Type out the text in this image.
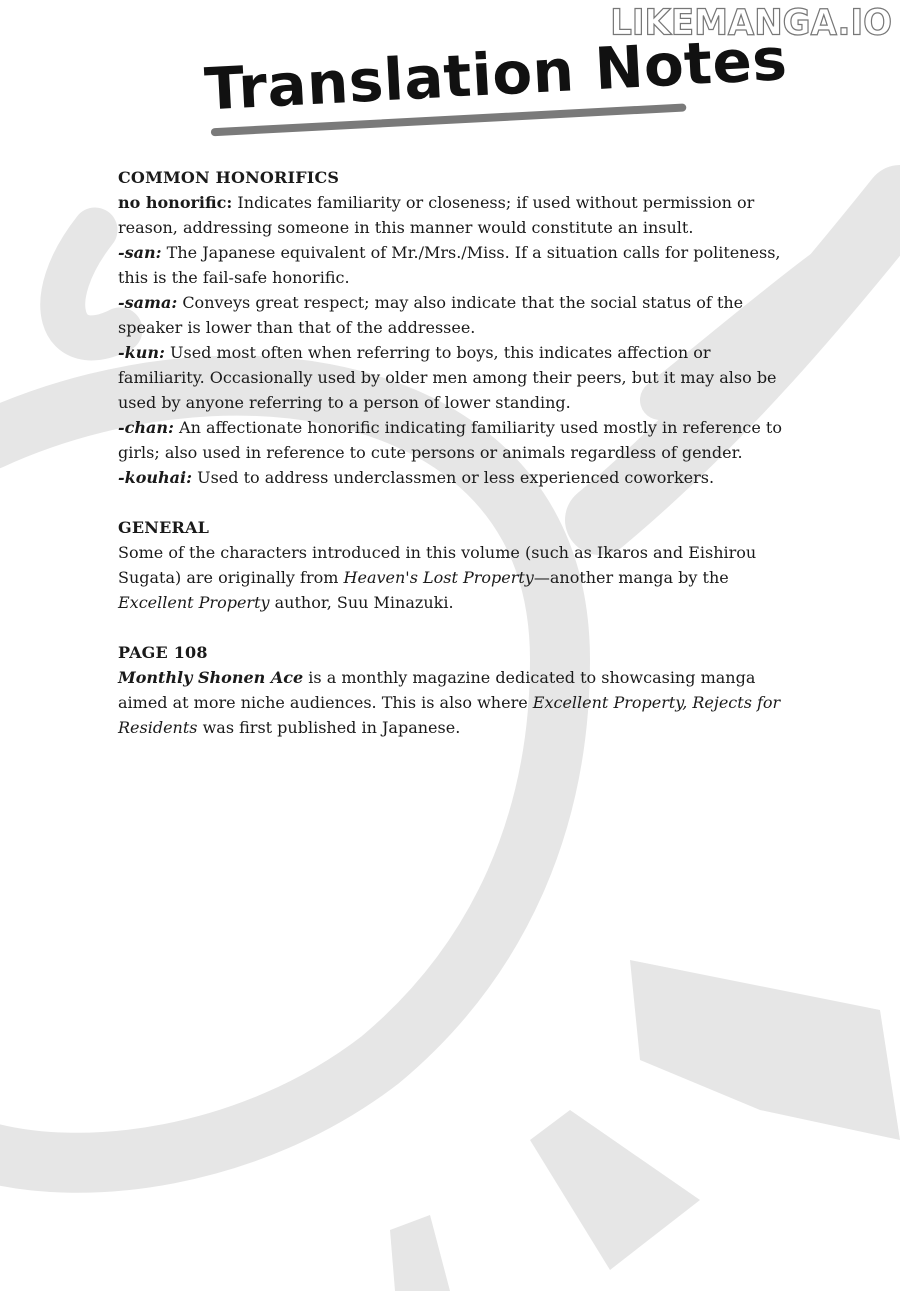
LIKEMANGA.IO
Translation Notes
COMMON HONORIFICS

no honorific: Indicates familiarity or closeness; if used without permission or reason, addressing someone in this manner would constitute an insult.

-san: The Japanese equivalent of Mr./Mrs./Miss. If a situation calls for politeness, this is the fail-safe honorific.

-sama: Conveys great respect; may also indicate that the social status of the speaker is lower than that of the addressee.

-kun: Used most often when referring to boys, this indicates affection or familiarity. Occasionally used by older men among their peers, but it may also be used by anyone referring to a person of lower standing.

-chan: An affectionate honorific indicating familiarity used mostly in reference to girls; also used in reference to cute persons or animals regardless of gender.

-kouhai: Used to address underclassmen or less experienced coworkers.

GENERAL

Some of the characters introduced in this volume (such as Ikaros and Eishirou Sugata) are originally from Heaven's Lost Property—another manga by the Excellent Property author, Suu Minazuki.

PAGE 108

Monthly Shonen Ace is a monthly magazine dedicated to showcasing manga aimed at more niche audiences. This is also where Excellent Property, Rejects for Residents was first published in Japanese.
